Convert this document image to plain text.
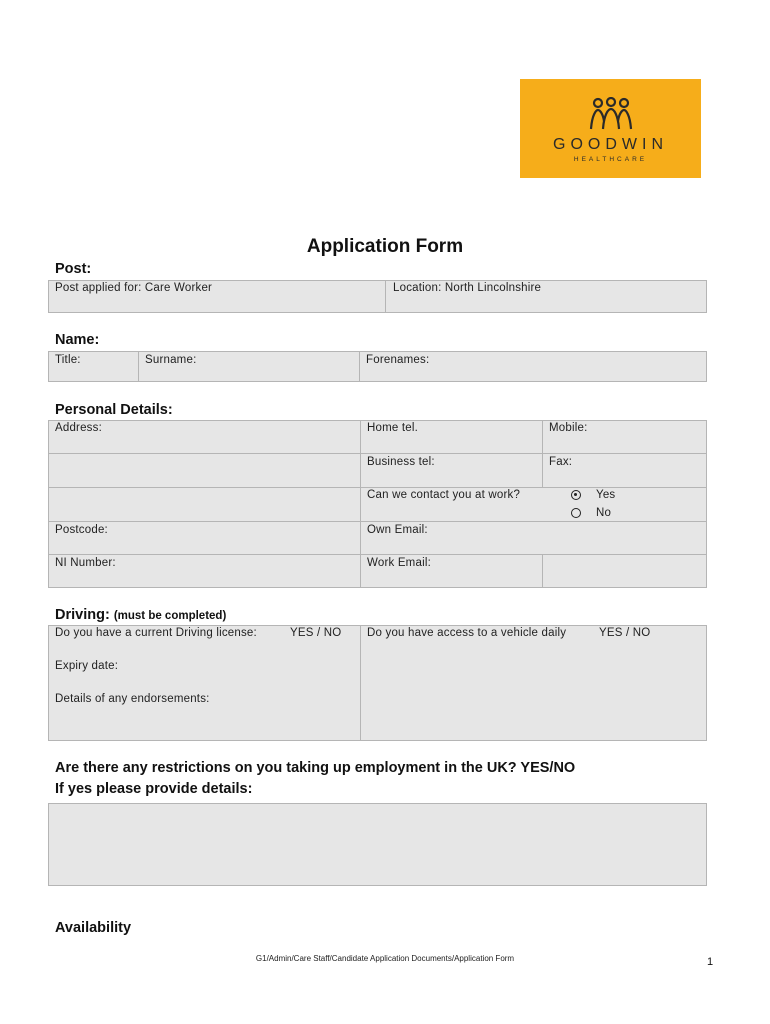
GOODWIN
HEALTHCARE
Application Form
Post:
Post applied for: Care Worker	Location: North Lincolnshire
Name:
Title:	Surname:	Forenames:
Personal Details:
Address:	Home tel.	Mobile:
Business tel:	Fax:
Can we contact you at work?	Yes
No
Postcode:	Own Email:
NI Number:	Work Email:
Driving: (must be completed)
Do you have a current Driving license:	YES / NO Do you have access to a vehicle daily	YES / NO
Expiry date:
Details of any endorsements:
Are there any restrictions on you taking up employment in the UK? YES/NO
If yes please provide details:
Availability
G1/Admin/Care Staff/Candidate Application Documents/Application Form	1
